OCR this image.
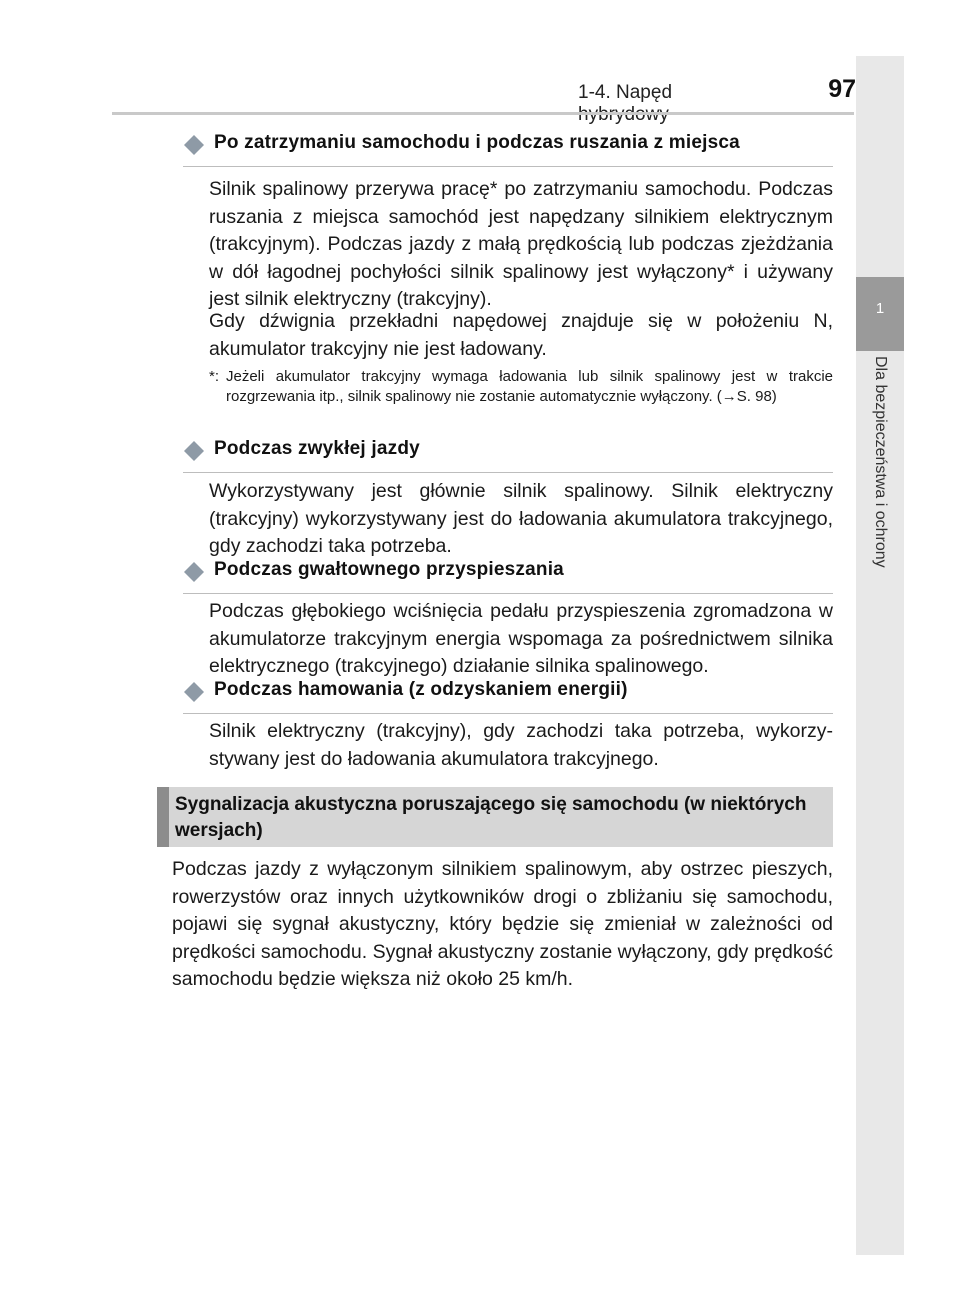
1-4. Napęd	97
1
Dla bezpieczeństwa i ochrony
Po zatrzymaniu samochodu i podczas ruszania z miejsca
Silnik spalinowy przerywa pracę* po zatrzymaniu samochodu. Podczas ruszania z miejsca samochód jest napędzany silnikiem elektrycznym (trakcyjnym). Podczas jazdy z małą prędkością lub podczas zjeżdżania w dół łagodnej pochyłości silnik spalinowy jest wyłączony* i używany jest silnik elektryczny (trakcyjny).
Gdy dźwignia przekładni napędowej znajduje się w położeniu N, akumulator trakcyjny nie jest ładowany.
*: Jeżeli akumulator trakcyjny wymaga ładowania lub silnik spalinowy jest w trakcie rozgrzewania itp., silnik spalinowy nie zostanie automatycznie wyłączony. (→S. 98)
Podczas zwykłej jazdy
Wykorzystywany jest głównie silnik spalinowy. Silnik elektryczny (trakcyjny) wykorzystywany jest do ładowania akumulatora trakcyjnego, gdy zachodzi taka potrzeba.
Podczas gwałtownego przyspieszania
Podczas głębokiego wciśnięcia pedału przyspieszenia zgromadzona w akumulatorze trakcyjnym energia wspomaga za pośrednictwem silnika elektrycznego (trakcyjnego) działanie silnika spalinowego.
Podczas hamowania (z odzyskaniem energii)
Silnik elektryczny (trakcyjny), gdy zachodzi taka potrzeba, wykorzystywany jest do ładowania akumulatora trakcyjnego.
Sygnalizacja akustyczna poruszającego się samochodu (w niektórych wersjach)
Podczas jazdy z wyłączonym silnikiem spalinowym, aby ostrzec pieszych, rowerzystów oraz innych użytkowników drogi o zbliżaniu się samochodu, pojawi się sygnał akustyczny, który będzie się zmieniał w zależności od prędkości samochodu. Sygnał akustyczny zostanie wyłączony, gdy prędkość samochodu będzie większa niż około 25 km/h.
